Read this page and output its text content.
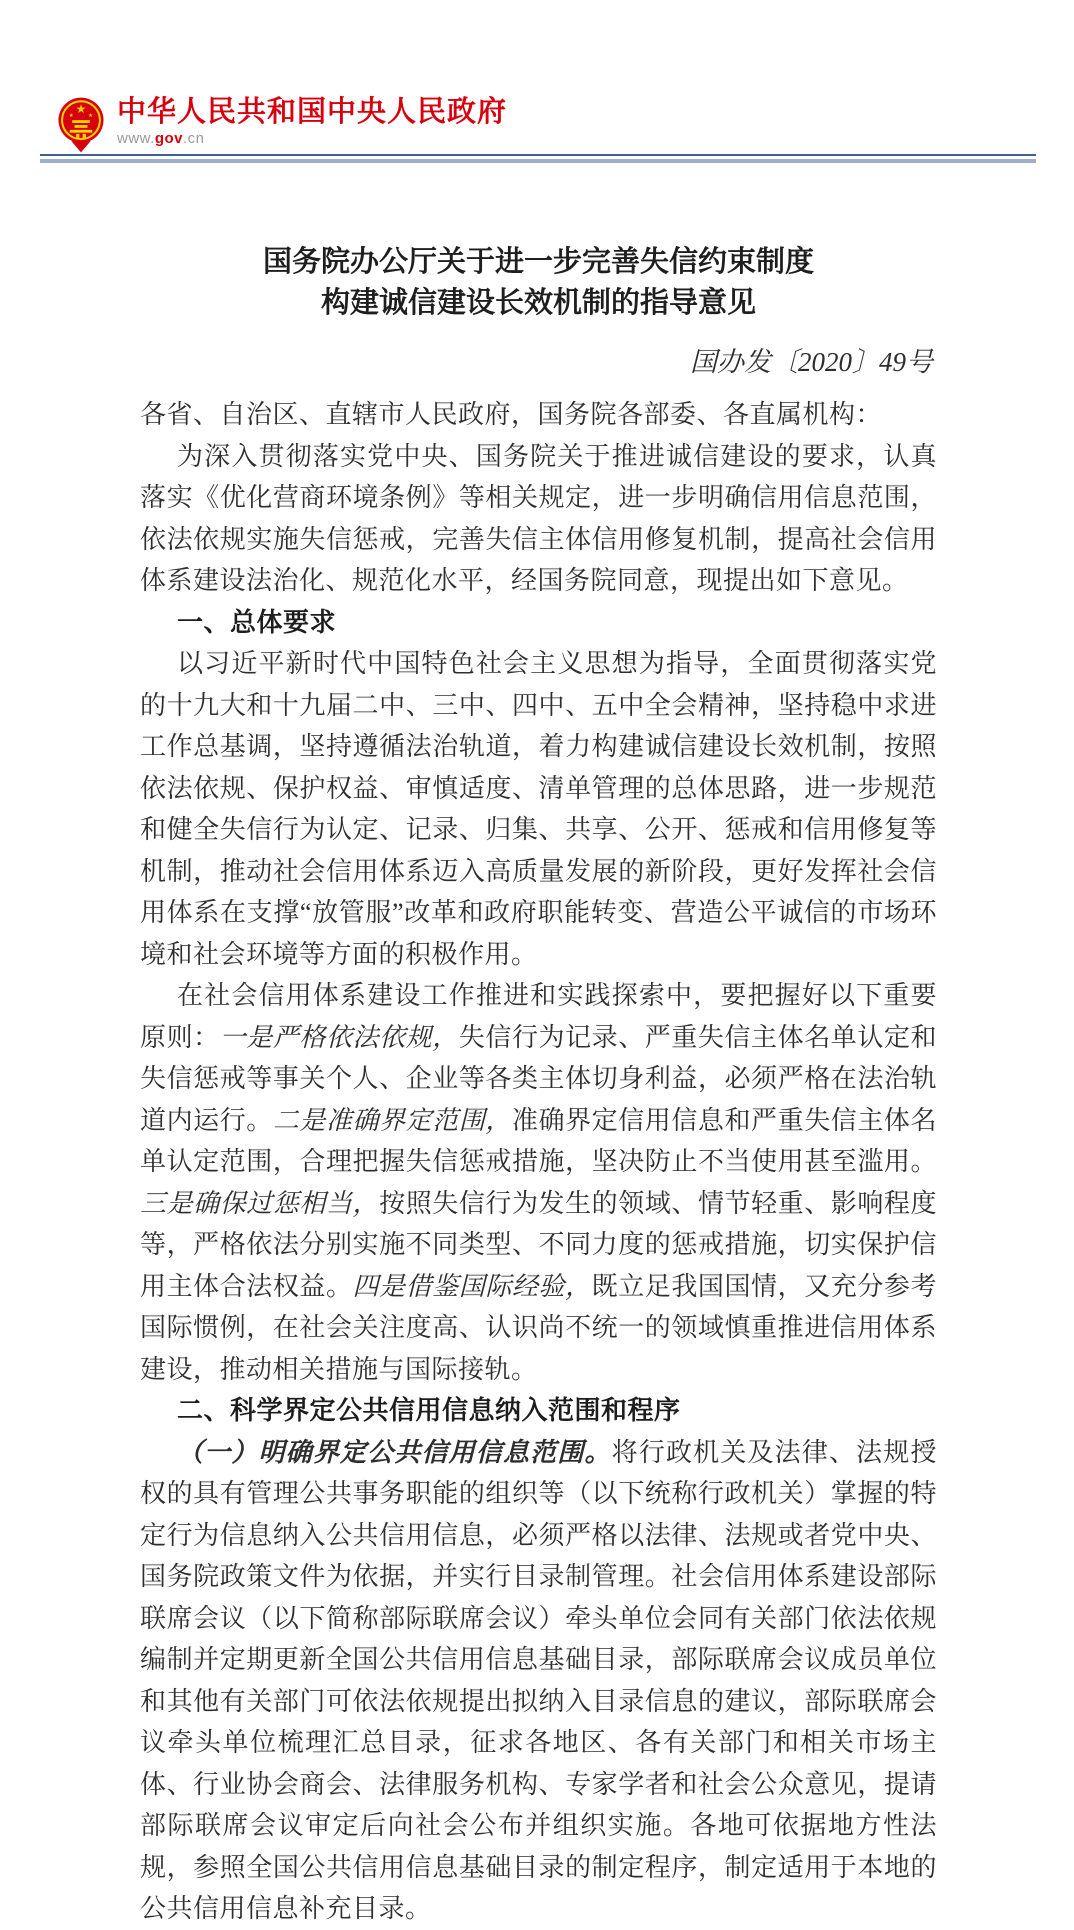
★
★ ★ 中华人民共和国中央人民政府
www.gov.cn
国务院办公厅关于进一步完善失信约束制度
构建诚信建设长效机制的指导意见
国办发〔2020〕49号

各省、自治区、直辖市人民政府，国务院各部委、各直属机构：

为深入贯彻落实党中央、国务院关于推进诚信建设的要求，认真落实《优化营商环境条例》等相关规定，进一步明确信用信息范围，依法依规实施失信惩戒，完善失信主体信用修复机制，提高社会信用体系建设法治化、规范化水平，经国务院同意，现提出如下意见。

一、总体要求

以习近平新时代中国特色社会主义思想为指导，全面贯彻落实党的十九大和十九届二中、三中、四中、五中全会精神，坚持稳中求进工作总基调，坚持遵循法治轨道，着力构建诚信建设长效机制，按照依法依规、保护权益、审慎适度、清单管理的总体思路，进一步规范和健全失信行为认定、记录、归集、共享、公开、惩戒和信用修复等机制，推动社会信用体系迈入高质量发展的新阶段，更好发挥社会信用体系在支撑“放管服”改革和政府职能转变、营造公平诚信的市场环境和社会环境等方面的积极作用。

在社会信用体系建设工作推进和实践探索中，要把握好以下重要原则：一是严格依法依规，失信行为记录、严重失信主体名单认定和失信惩戒等事关个人、企业等各类主体切身利益，必须严格在法治轨道内运行。二是准确界定范围，准确界定信用信息和严重失信主体名单认定范围，合理把握失信惩戒措施，坚决防止不当使用甚至滥用。三是确保过惩相当，按照失信行为发生的领域、情节轻重、影响程度等，严格依法分别实施不同类型、不同力度的惩戒措施，切实保护信用主体合法权益。四是借鉴国际经验，既立足我国国情，又充分参考国际惯例，在社会关注度高、认识尚不统一的领域慎重推进信用体系建设，推动相关措施与国际接轨。

二、科学界定公共信用信息纳入范围和程序

（一）明确界定公共信用信息范围。将行政机关及法律、法规授权的具有管理公共事务职能的组织等（以下统称行政机关）掌握的特定行为信息纳入公共信用信息，必须严格以法律、法规或者党中央、国务院政策文件为依据，并实行目录制管理。社会信用体系建设部际联席会议（以下简称部际联席会议）牵头单位会同有关部门依法依规编制并定期更新全国公共信用信息基础目录，部际联席会议成员单位和其他有关部门可依法依规提出拟纳入目录信息的建议，部际联席会议牵头单位梳理汇总目录，征求各地区、各有关部门和相关市场主体、行业协会商会、法律服务机构、专家学者和社会公众意见，提请部际联席会议审定后向社会公布并组织实施。各地可依据地方性法规，参照全国公共信用信息基础目录的制定程序，制定适用于本地的公共信用信息补充目录。
